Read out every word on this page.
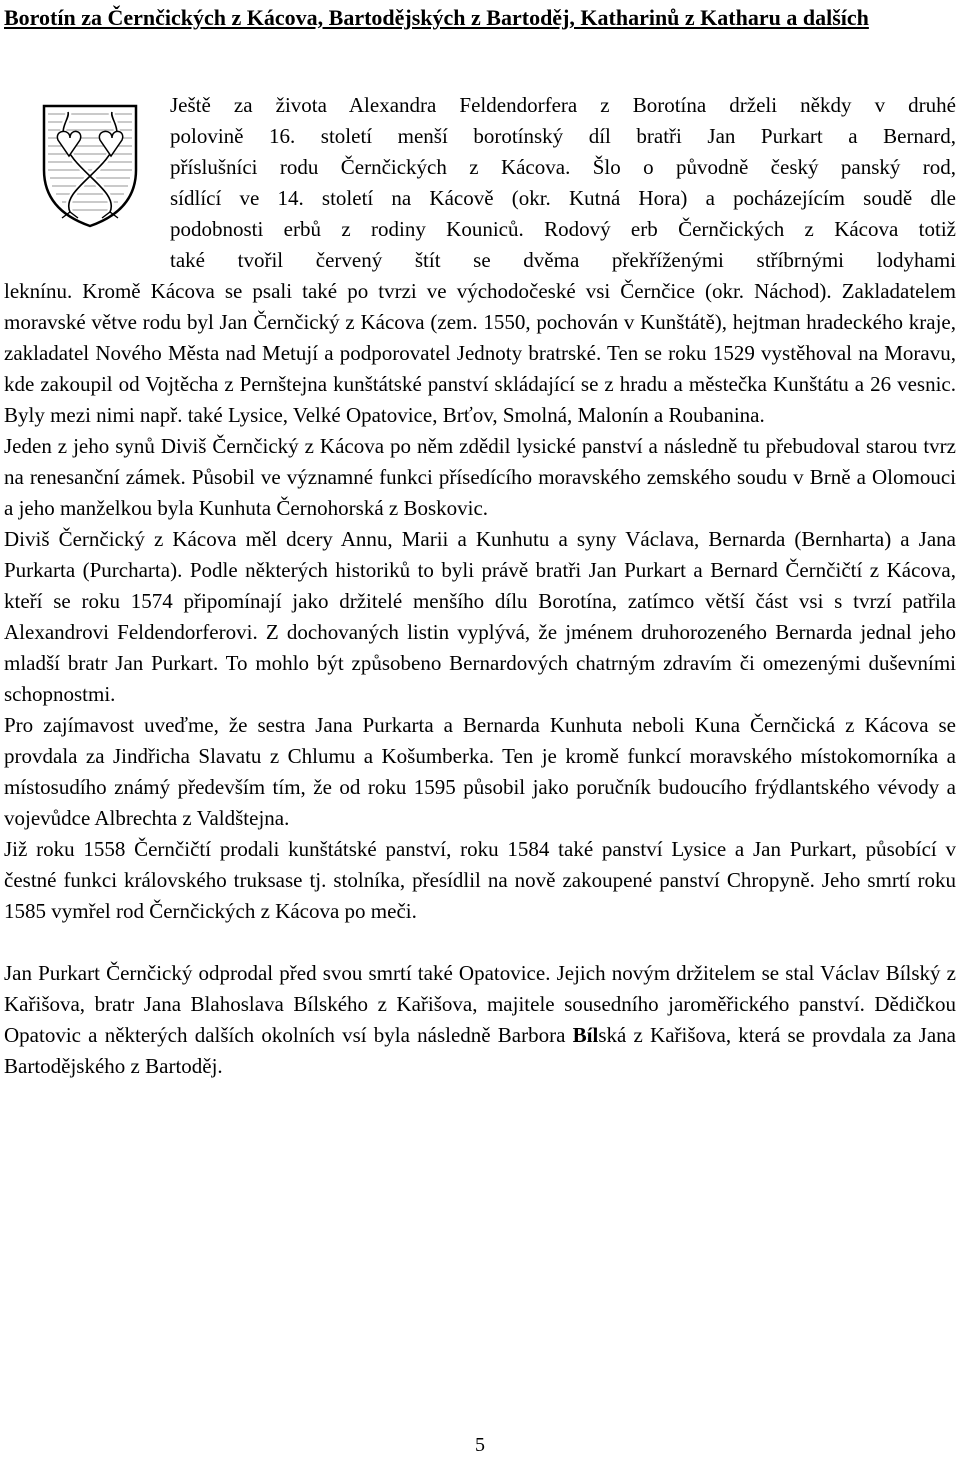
Borotín za Černčických z Kácova, Bartodějských z Bartoděj, Katharinů z Katharu a dalších
Ještě za života Alexandra Feldendorfera z Borotína drželi někdy v druhé
polovině 16. století menší borotínský díl bratři Jan Purkart a Bernard,
příslušníci rodu Černčických z Kácova. Šlo o původně český panský rod,
sídlící ve 14. století na Kácově (okr. Kutná Hora) a pocházejícím soudě dle
podobnosti erbů z rodiny Kouniců. Rodový erb Černčických z Kácova totiž
také tvořil červený štít se dvěma překříženými stříbrnými lodyhami

leknínu. Kromě Kácova se psali také po tvrzi ve východočeské vsi Černčice (okr. Náchod). Zakladatelem moravské větve rodu byl Jan Černčický z Kácova (zem. 1550, pochován v Kunštátě), hejtman hradeckého kraje, zakladatel Nového Města nad Metují a podporovatel Jednoty bratrské. Ten se roku 1529 vystěhoval na Moravu, kde zakoupil od Vojtěcha z Pernštejna kunštátské panství skládající se z hradu a městečka Kunštátu a 26 vesnic. Byly mezi nimi např. také Lysice, Velké Opatovice, Brťov, Smolná, Malonín a Roubanina.

Jeden z jeho synů Diviš Černčický z Kácova po něm zdědil lysické panství a následně tu přebudoval starou tvrz na renesanční zámek. Působil ve významné funkci přísedícího moravského zemského soudu v Brně a Olomouci a jeho manželkou byla Kunhuta Černohorská z Boskovic.

Diviš Černčický z Kácova měl dcery Annu, Marii a Kunhutu a syny Václava, Bernarda (Bernharta) a Jana Purkarta (Purcharta). Podle některých historiků to byli právě bratři Jan Purkart a Bernard Černčičtí z Kácova, kteří se roku 1574 připomínají jako držitelé menšího dílu Borotína, zatímco větší část vsi s tvrzí patřila Alexandrovi Feldendorferovi. Z dochovaných listin vyplývá, že jménem druhorozeného Bernarda jednal jeho mladší bratr Jan Purkart. To mohlo být způsobeno Bernardových chatrným zdravím či omezenými duševními schopnostmi.

Pro zajímavost uveďme, že sestra Jana Purkarta a Bernarda Kunhuta neboli Kuna Černčická z Kácova se provdala za Jindřicha Slavatu z Chlumu a Košumberka. Ten je kromě funkcí moravského místokomorníka a místosudího známý především tím, že od roku 1595 působil jako poručník budoucího frýdlantského vévody a vojevůdce Albrechta z Valdštejna.

Již roku 1558 Černčičtí prodali kunštátské panství, roku 1584 také panství Lysice a Jan Purkart, působící v čestné funkci královského truksase tj. stolníka, přesídlil na nově zakoupené panství Chropyně. Jeho smrtí roku 1585 vymřel rod Černčických z Kácova po meči.

Jan Purkart Černčický odprodal před svou smrtí také Opatovice. Jejich novým držitelem se stal Václav Bílský z Kařišova, bratr Jana Blahoslava Bílského z Kařišova, majitele sousedního jaroměřického panství. Dědičkou Opatovic a některých dalších okolních vsí byla následně Barbora Bílská z Kařišova, která se provdala za Jana Bartodějského z Bartoděj.

5
